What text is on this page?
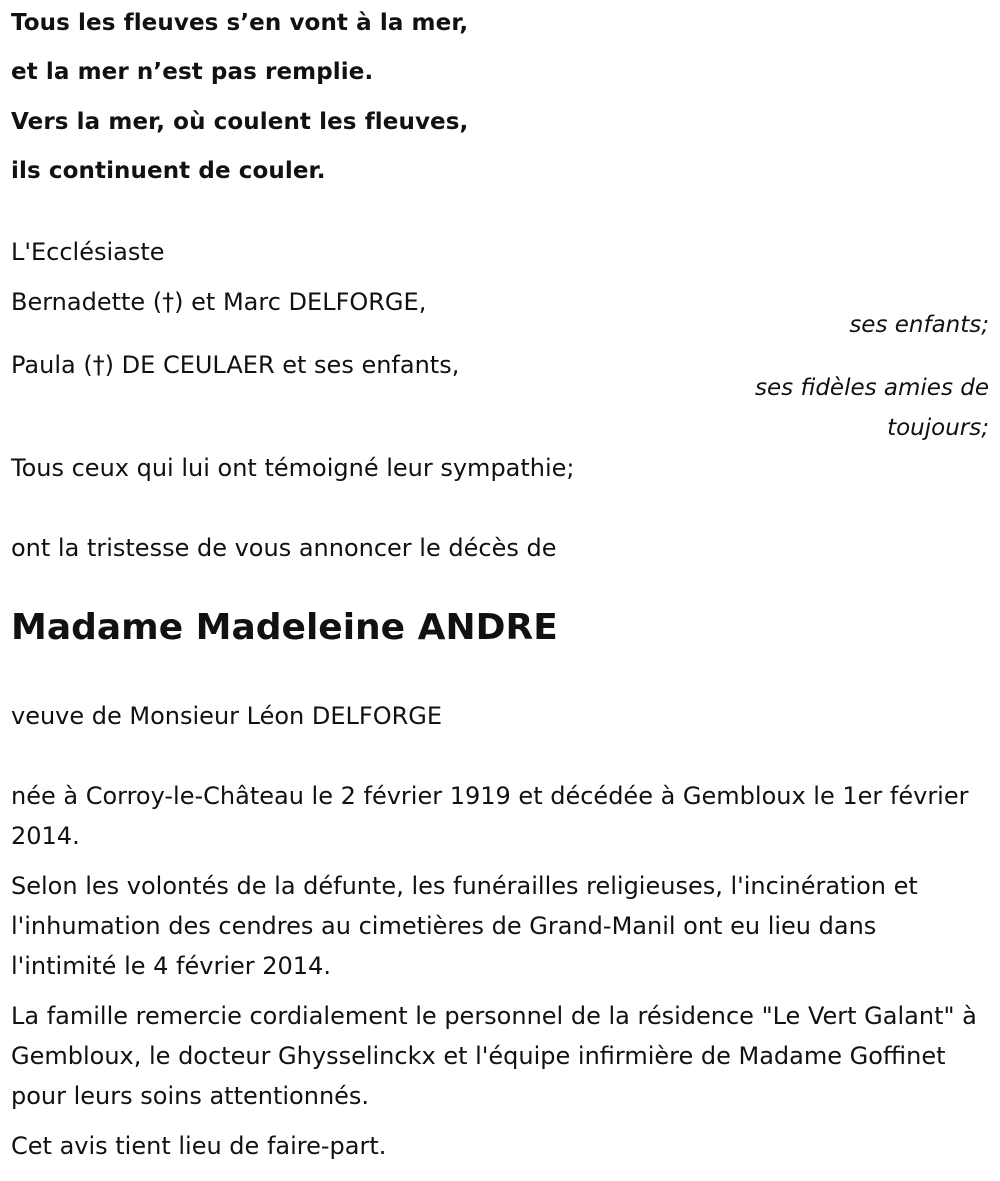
Tous les fleuves s’en vont à la mer,
et la mer n’est pas remplie.
Vers la mer, où coulent les fleuves,
ils continuent de couler.
L'Ecclésiaste
Bernadette (†) et Marc DELFORGE,
ses enfants;
Paula (†) DE CEULAER et ses enfants,
ses fidèles amies de
toujours;
Tous ceux qui lui ont témoigné leur sympathie;
ont la tristesse de vous annoncer le décès de
Madame Madeleine ANDRE
veuve de Monsieur Léon DELFORGE
née à Corroy-le-Château le 2 février 1919 et décédée à Gembloux le 1er février 2014.
Selon les volontés de la défunte, les funérailles religieuses, l'incinération et l'inhumation des cendres au cimetières de Grand-Manil ont eu lieu dans l'intimité le 4 février 2014.
La famille remercie cordialement le personnel de la résidence "Le Vert Galant" à Gembloux, le docteur Ghysselinckx et l'équipe infirmière de Madame Goffinet pour leurs soins attentionnés.
Cet avis tient lieu de faire-part.
